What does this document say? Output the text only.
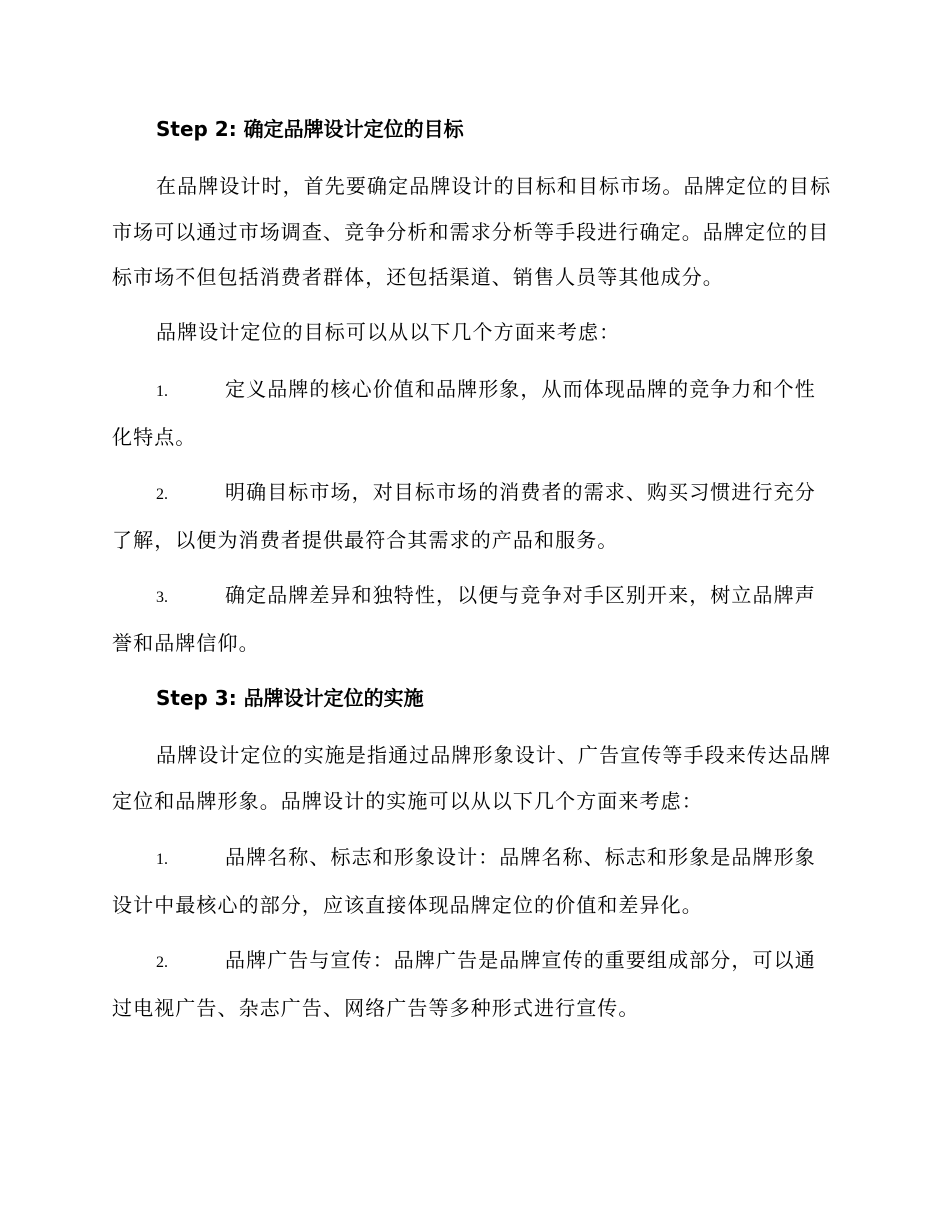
Step 2: 确定品牌设计定位的目标
在品牌设计时，首先要确定品牌设计的目标和目标市场。品牌定位的目标市场可以通过市场调查、竞争分析和需求分析等手段进行确定。品牌定位的目标市场不但包括消费者群体，还包括渠道、销售人员等其他成分。
品牌设计定位的目标可以从以下几个方面来考虑：
1.	定义品牌的核心价值和品牌形象，从而体现品牌的竞争力和个性化特点。
2.	明确目标市场，对目标市场的消费者的需求、购买习惯进行充分了解，以便为消费者提供最符合其需求的产品和服务。
3.	确定品牌差异和独特性，以便与竞争对手区别开来，树立品牌声誉和品牌信仰。
Step 3: 品牌设计定位的实施
品牌设计定位的实施是指通过品牌形象设计、广告宣传等手段来传达品牌定位和品牌形象。品牌设计的实施可以从以下几个方面来考虑：
1.	品牌名称、标志和形象设计：品牌名称、标志和形象是品牌形象设计中最核心的部分，应该直接体现品牌定位的价值和差异化。
2.	品牌广告与宣传：品牌广告是品牌宣传的重要组成部分，可以通过电视广告、杂志广告、网络广告等多种形式进行宣传。
